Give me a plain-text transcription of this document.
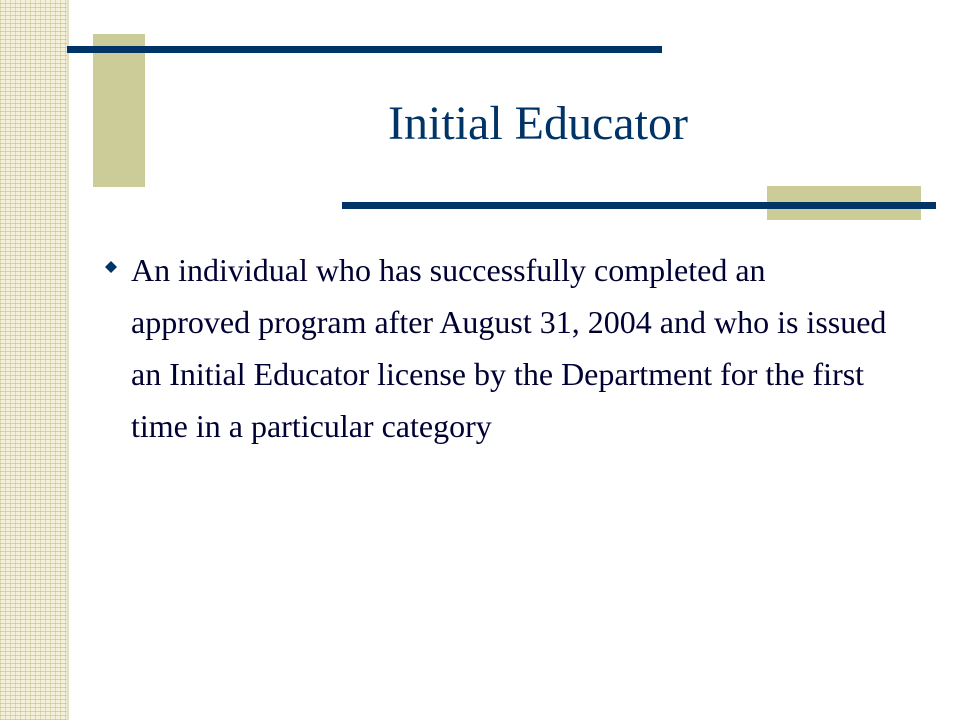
Initial Educator

An individual who has successfully completed an approved program after August 31, 2004 and who is issued an Initial Educator license by the Department for the first time in a particular category
